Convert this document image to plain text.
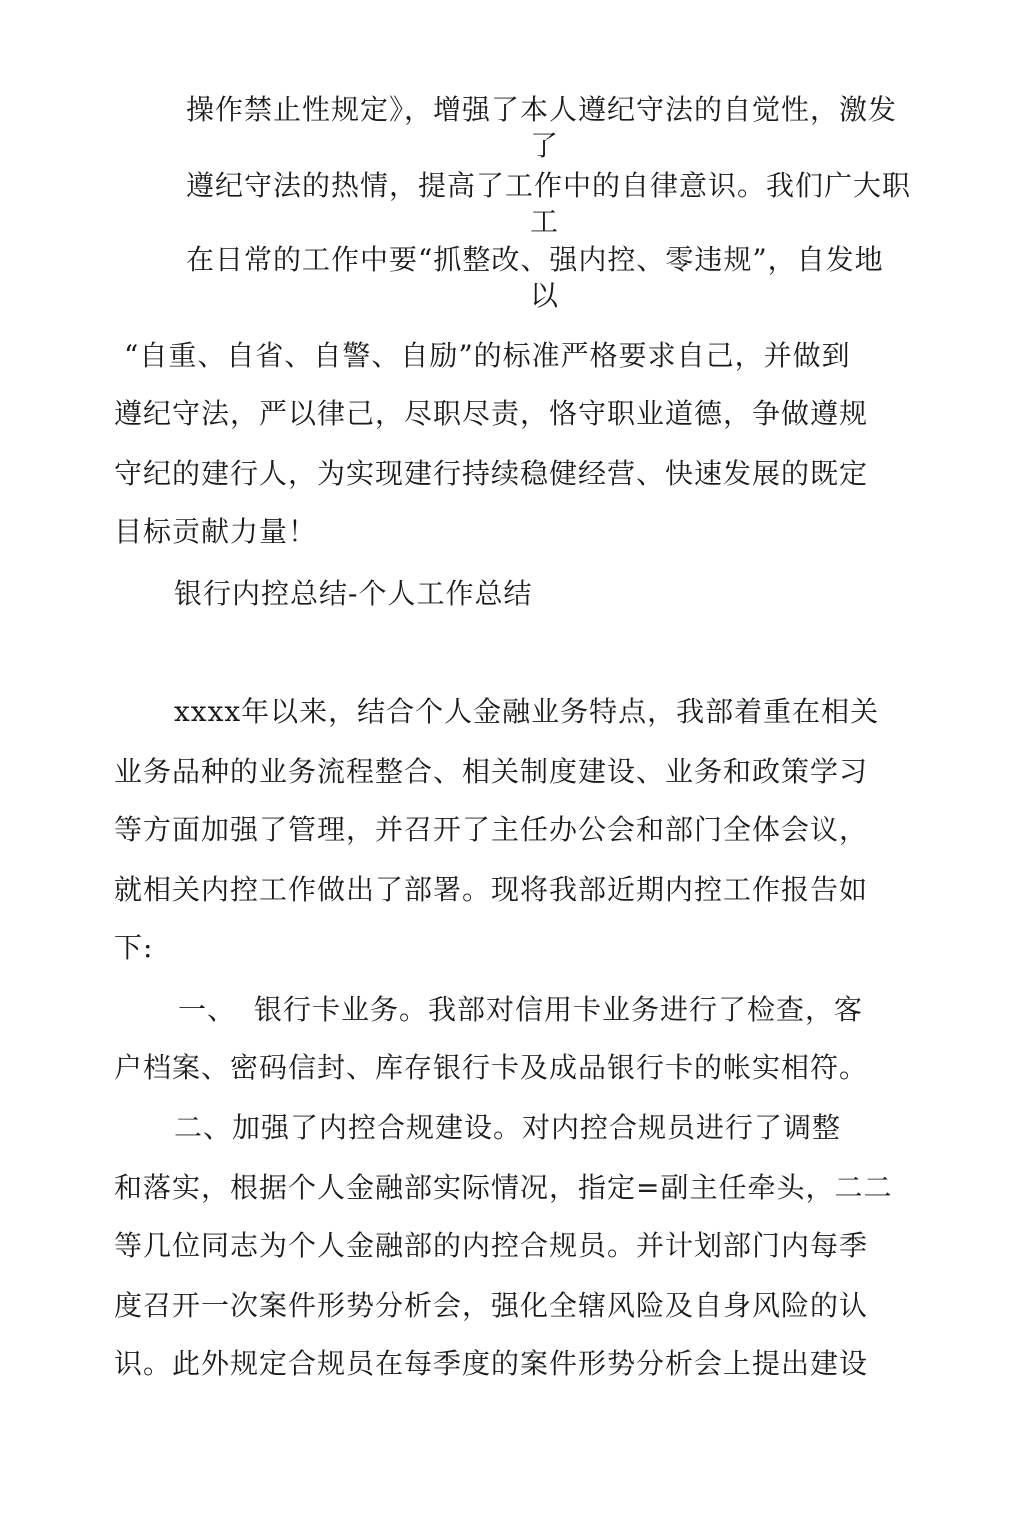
操作禁止性规定》，增强了本人遵纪守法的自觉性，激发
了
遵纪守法的热情，提高了工作中的自律意识。我们广大职
工
在日常的工作中要“抓整改、强内控、零违规”，自发地
以
“自重、自省、自警、自励”的标准严格要求自己，并做到
遵纪守法，严以律己，尽职尽责，恪守职业道德，争做遵规
守纪的建行人，为实现建行持续稳健经营、快速发展的既定
目标贡献力量！
银行内控总结-个人工作总结
xxxx年以来，结合个人金融业务特点，我部着重在相关
业务品种的业务流程整合、相关制度建设、业务和政策学习
等方面加强了管理，并召开了主任办公会和部门全体会议，
就相关内控工作做出了部署。现将我部近期内控工作报告如
下:
一、 银行卡业务。我部对信用卡业务进行了检查，客
户档案、密码信封、库存银行卡及成品银行卡的帐实相符。
二、加强了内控合规建设。对内控合规员进行了调整
和落实，根据个人金融部实际情况，指定=副主任牵头，二二
等几位同志为个人金融部的内控合规员。并计划部门内每季
度召开一次案件形势分析会，强化全辖风险及自身风险的认
识。此外规定合规员在每季度的案件形势分析会上提出建设
